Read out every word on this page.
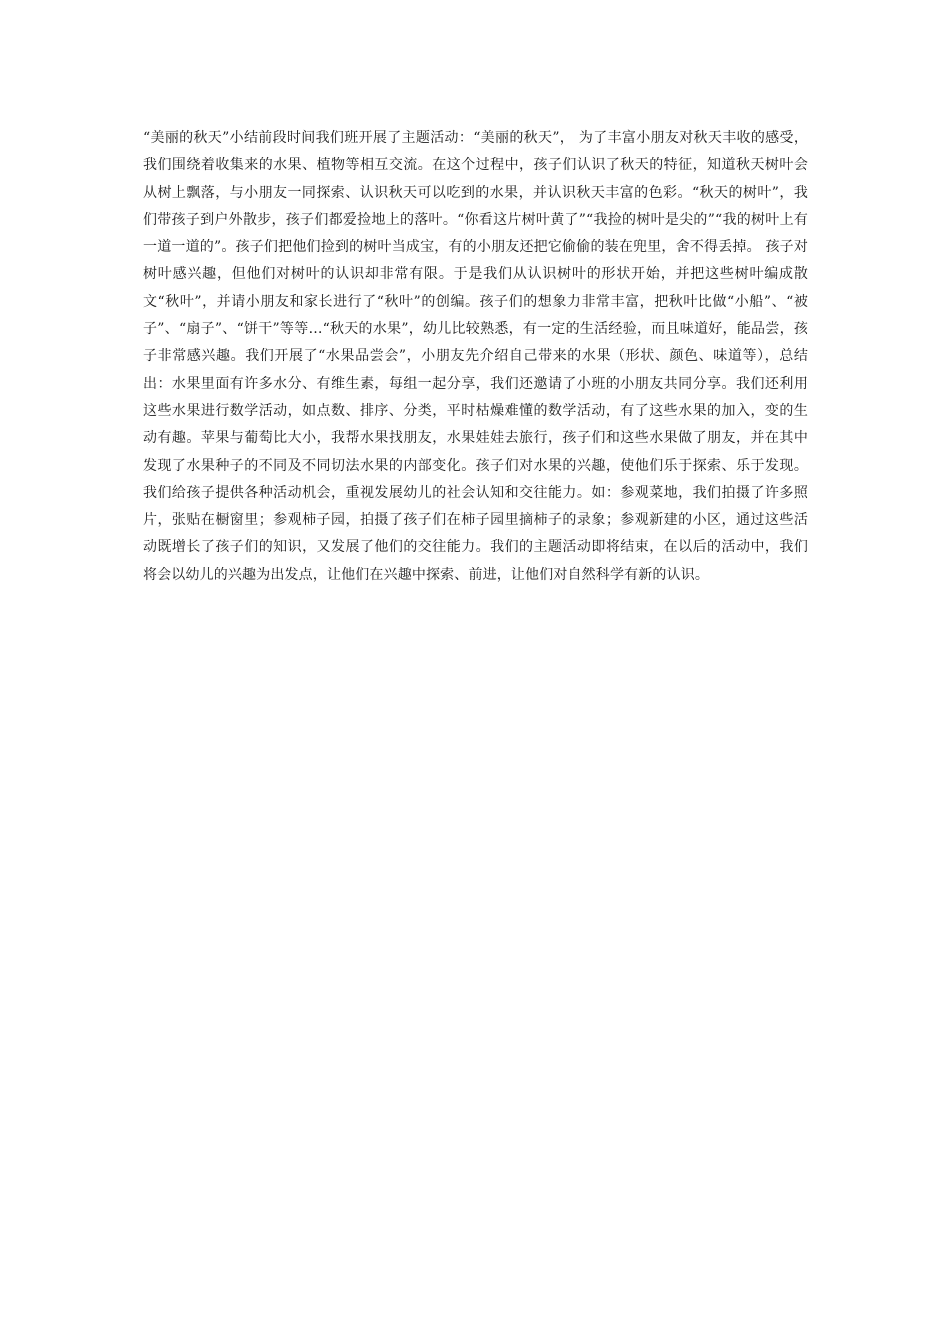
“美丽的秋天”小结前段时间我们班开展了主题活动：“美丽的秋天”， 为了丰富小朋友对秋天丰收的感受，我们围绕着收集来的水果、植物等相互交流。在这个过程中，孩子们认识了秋天的特征，知道秋天树叶会从树上飘落，与小朋友一同探索、认识秋天可以吃到的水果，并认识秋天丰富的色彩。“秋天的树叶”，我们带孩子到户外散步，孩子们都爱捡地上的落叶。“你看这片树叶黄了”“我捡的树叶是尖的”“我的树叶上有一道一道的”。孩子们把他们捡到的树叶当成宝，有的小朋友还把它偷偷的装在兜里，舍不得丢掉。 孩子对树叶感兴趣，但他们对树叶的认识却非常有限。于是我们从认识树叶的形状开始，并把这些树叶编成散文“秋叶”，并请小朋友和家长进行了“秋叶”的创编。孩子们的想象力非常丰富，把秋叶比做“小船”、“被子”、“扇子”、“饼干”等等…“秋天的水果”，幼儿比较熟悉，有一定的生活经验，而且味道好，能品尝，孩子非常感兴趣。我们开展了“水果品尝会”，小朋友先介绍自己带来的水果（形状、颜色、味道等），总结出：水果里面有许多水分、有维生素，每组一起分享，我们还邀请了小班的小朋友共同分享。我们还利用这些水果进行数学活动，如点数、排序、分类，平时枯燥难懂的数学活动，有了这些水果的加入，变的生动有趣。苹果与葡萄比大小，我帮水果找朋友，水果娃娃去旅行，孩子们和这些水果做了朋友，并在其中发现了水果种子的不同及不同切法水果的内部变化。孩子们对水果的兴趣，使他们乐于探索、乐于发现。我们给孩子提供各种活动机会，重视发展幼儿的社会认知和交往能力。如：参观菜地，我们拍摄了许多照片，张贴在橱窗里；参观柿子园，拍摄了孩子们在柿子园里摘柿子的录象；参观新建的小区，通过这些活动既增长了孩子们的知识，又发展了他们的交往能力。我们的主题活动即将结束，在以后的活动中，我们将会以幼儿的兴趣为出发点，让他们在兴趣中探索、前进，让他们对自然科学有新的认识。
